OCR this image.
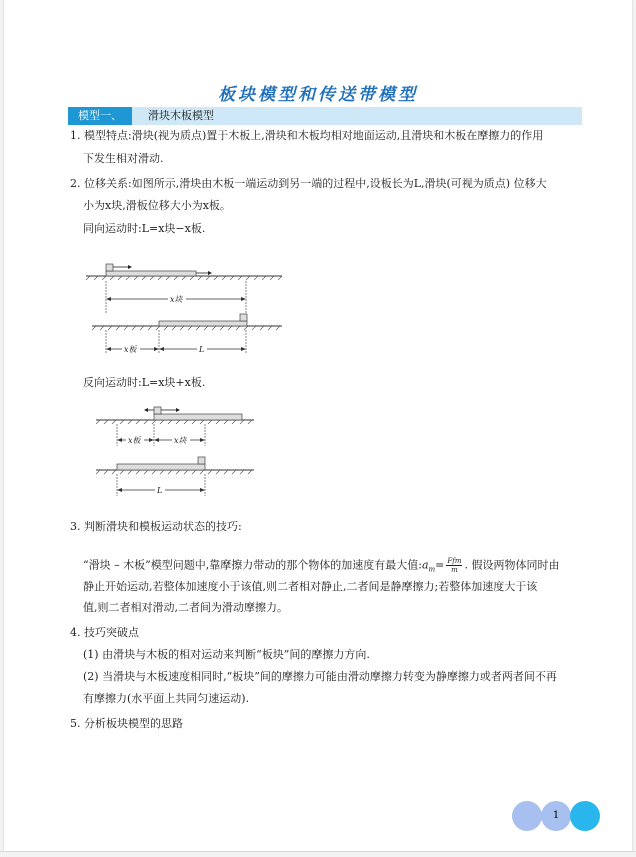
板块模型和传送带模型
模型一、	滑块木板模型
1. 模型特点:滑块(视为质点)置于木板上,滑块和木板均相对地面运动,且滑块和木板在摩擦力的作用
下发生相对滑动.
2. 位移关系:如图所示,滑块由木板一端运动到另一端的过程中,设板长为L,滑块(可视为质点) 位移大
小为x块,滑板位移大小为x板。
同向运动时:L=x块−x板.
x块
x板	L
反向运动时:L=x块+x板.
x板	x块
L
3. 判断滑块和模板运动状态的技巧:
“滑块 – 木板”模型问题中,靠摩擦力带动的那个物体的加速度有最大值$:a_m=$ Ffm
m . 假设两物体同时由
静止开始运动,若整体加速度小于该值,则二者相对静止,二者间是静摩擦力;若整体加速度大于该
值,则二者相对滑动,二者间为滑动摩擦力。
4. 技巧突破点
(1) 由滑块与木板的相对运动来判断“板块”间的摩擦力方向.
(2) 当滑块与木板速度相同时,“板块”间的摩擦力可能由滑动摩擦力转变为静摩擦力或者两者间不再
有摩擦力(水平面上共同匀速运动).
5. 分析板块模型的思路
1
